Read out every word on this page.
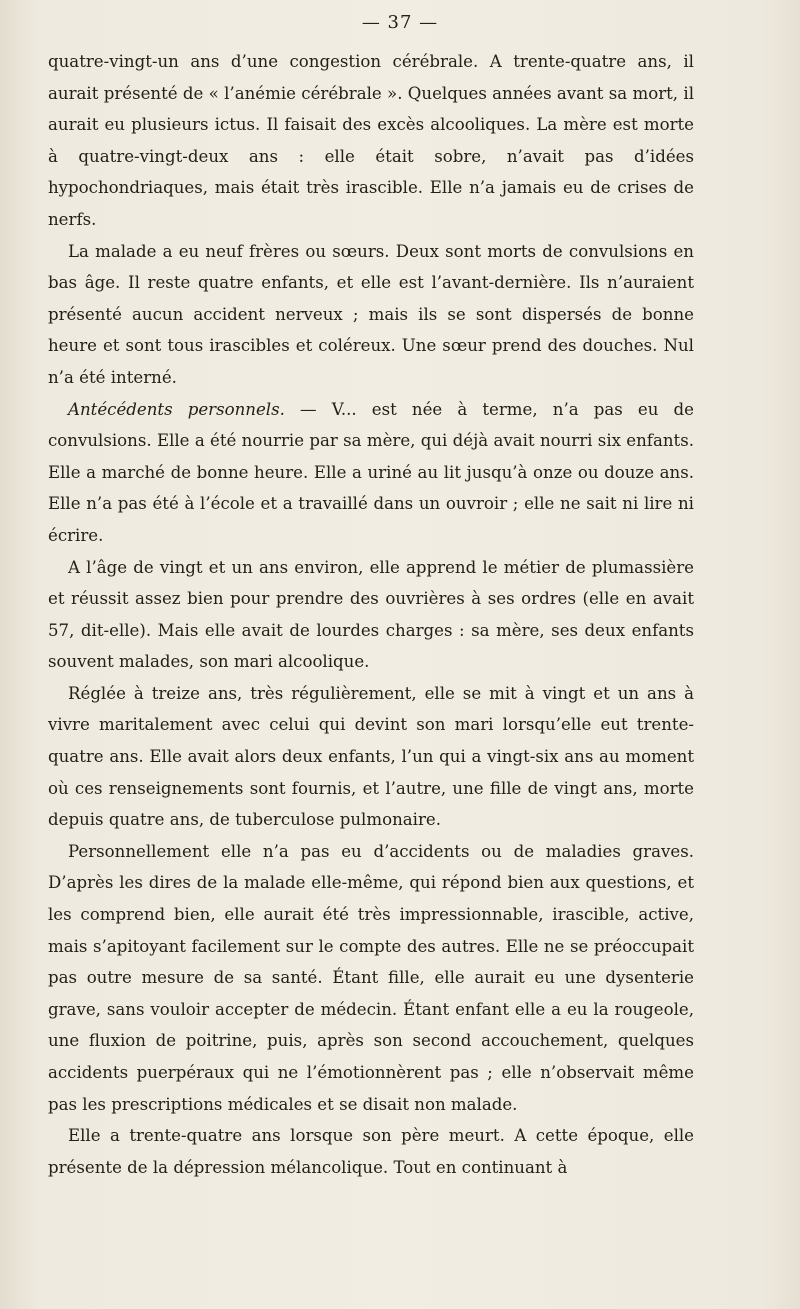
— 37 —

quatre-vingt-un ans d’une congestion cérébrale. A trente-quatre ans, il aurait présenté de « l’anémie cérébrale ». Quelques années avant sa mort, il aurait eu plusieurs ictus. Il faisait des excès alcooliques. La mère est morte à quatre-vingt-deux ans : elle était sobre, n’avait pas d’idées hypochondriaques, mais était très irascible. Elle n’a jamais eu de crises de nerfs.

La malade a eu neuf frères ou sœurs. Deux sont morts de convulsions en bas âge. Il reste quatre enfants, et elle est l’avant-dernière. Ils n’auraient présenté aucun accident nerveux ; mais ils se sont dispersés de bonne heure et sont tous irascibles et coléreux. Une sœur prend des douches. Nul n’a été interné.

Antécédents personnels. — V... est née à terme, n’a pas eu de convulsions. Elle a été nourrie par sa mère, qui déjà avait nourri six enfants. Elle a marché de bonne heure. Elle a uriné au lit jusqu’à onze ou douze ans. Elle n’a pas été à l’école et a travaillé dans un ouvroir ; elle ne sait ni lire ni écrire.

A l’âge de vingt et un ans environ, elle apprend le métier de plumassière et réussit assez bien pour prendre des ouvrières à ses ordres (elle en avait 57, dit-elle). Mais elle avait de lourdes charges : sa mère, ses deux enfants souvent malades, son mari alcoolique.

Réglée à treize ans, très régulièrement, elle se mit à vingt et un ans à vivre maritalement avec celui qui devint son mari lorsqu’elle eut trente-quatre ans. Elle avait alors deux enfants, l’un qui a vingt-six ans au moment où ces renseignements sont fournis, et l’autre, une fille de vingt ans, morte depuis quatre ans, de tuberculose pulmonaire.

Personnellement elle n’a pas eu d’accidents ou de maladies graves. D’après les dires de la malade elle-même, qui répond bien aux questions, et les comprend bien, elle aurait été très impressionnable, irascible, active, mais s’apitoyant facilement sur le compte des autres. Elle ne se préoccupait pas outre mesure de sa santé. Étant fille, elle aurait eu une dysenterie grave, sans vouloir accepter de médecin. Étant enfant elle a eu la rougeole, une fluxion de poitrine, puis, après son second accouchement, quelques accidents puerpéraux qui ne l’émotionnèrent pas ; elle n’observait même pas les prescriptions médicales et se disait non malade.

Elle a trente-quatre ans lorsque son père meurt. A cette époque, elle présente de la dépression mélancolique. Tout en continuant à
